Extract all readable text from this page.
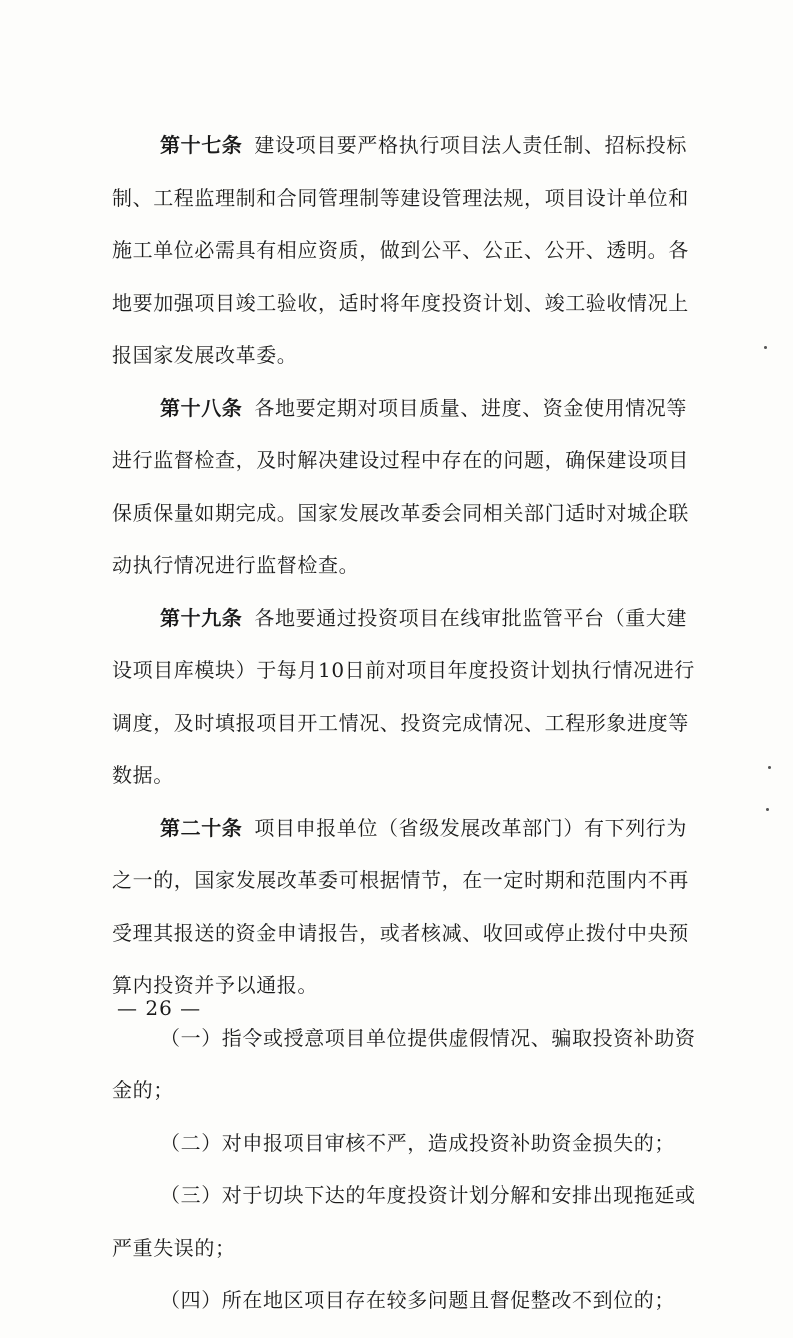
第十七条 建设项目要严格执行项目法人责任制、招标投标
制、工程监理制和合同管理制等建设管理法规，项目设计单位和
施工单位必需具有相应资质，做到公平、公正、公开、透明。各
地要加强项目竣工验收，适时将年度投资计划、竣工验收情况上
报国家发展改革委。
第十八条 各地要定期对项目质量、进度、资金使用情况等
进行监督检查，及时解决建设过程中存在的问题，确保建设项目
保质保量如期完成。国家发展改革委会同相关部门适时对城企联
动执行情况进行监督检查。
第十九条 各地要通过投资项目在线审批监管平台（重大建
设项目库模块）于每月10日前对项目年度投资计划执行情况进行
调度，及时填报项目开工情况、投资完成情况、工程形象进度等
数据。
第二十条 项目申报单位（省级发展改革部门）有下列行为
之一的，国家发展改革委可根据情节，在一定时期和范围内不再
受理其报送的资金申请报告，或者核减、收回或停止拨付中央预
算内投资并予以通报。
（一）指令或授意项目单位提供虚假情况、骗取投资补助资
金的；
（二）对申报项目审核不严，造成投资补助资金损失的；
（三）对于切块下达的年度投资计划分解和安排出现拖延或
严重失误的；
（四）所在地区项目存在较多问题且督促整改不到位的；
— 26 —
